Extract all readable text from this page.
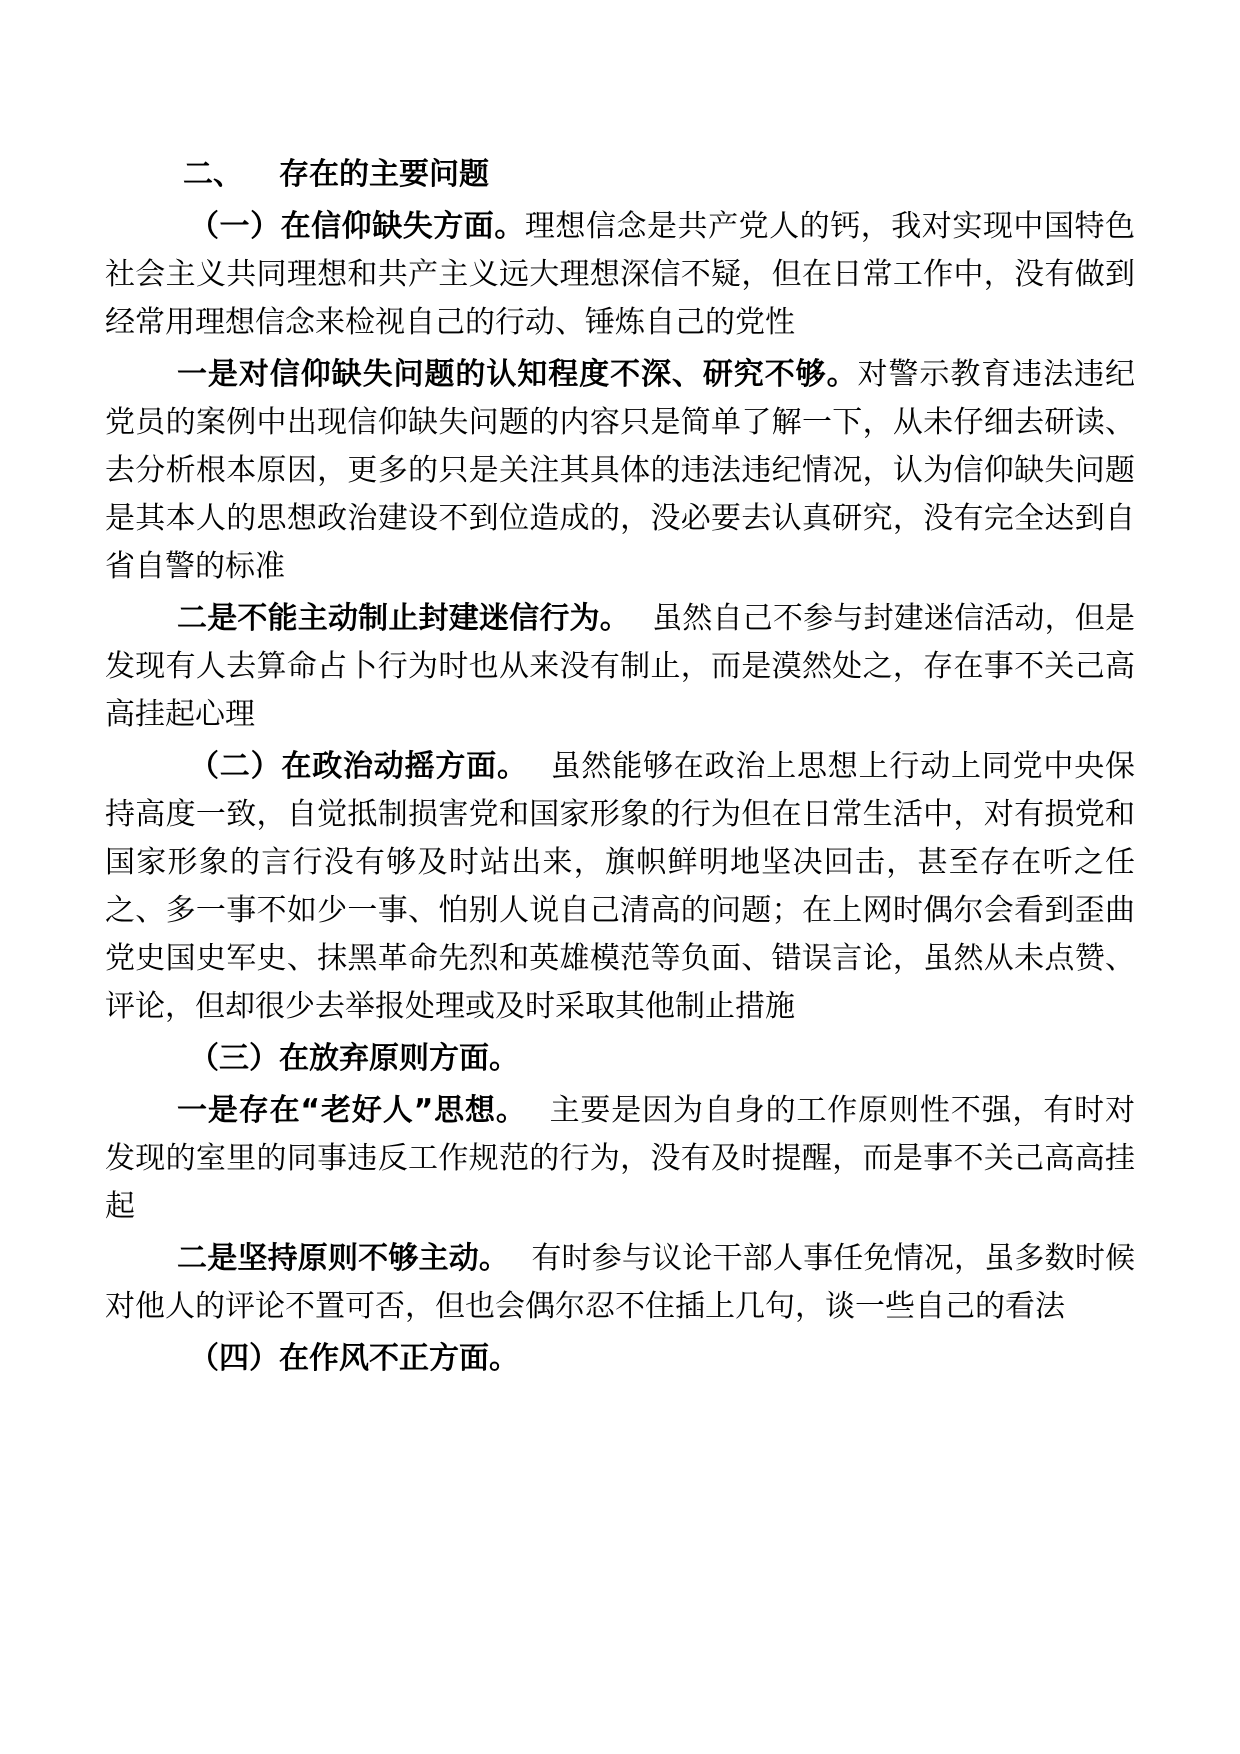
二、 存在的主要问题

（一）在信仰缺失方面。理想信念是共产党人的钙，我对实现中国特色社会主义共同理想和共产主义远大理想深信不疑，但在日常工作中，没有做到经常用理想信念来检视自己的行动、锤炼自己的党性

一是对信仰缺失问题的认知程度不深、研究不够。对警示教育违法违纪党员的案例中出现信仰缺失问题的内容只是简单了解一下，从未仔细去研读、去分析根本原因，更多的只是关注其具体的违法违纪情况，认为信仰缺失问题是其本人的思想政治建设不到位造成的，没必要去认真研究，没有完全达到自省自警的标准

二是不能主动制止封建迷信行为。 虽然自己不参与封建迷信活动，但是发现有人去算命占卜行为时也从来没有制止，而是漠然处之，存在事不关己高高挂起心理

（二）在政治动摇方面。 虽然能够在政治上思想上行动上同党中央保持高度一致，自觉抵制损害党和国家形象的行为但在日常生活中，对有损党和国家形象的言行没有够及时站出来，旗帜鲜明地坚决回击，甚至存在听之任之、多一事不如少一事、怕别人说自己清高的问题；在上网时偶尔会看到歪曲党史国史军史、抹黑革命先烈和英雄模范等负面、错误言论，虽然从未点赞、评论，但却很少去举报处理或及时采取其他制止措施

（三）在放弃原则方面。

一是存在“老好人”思想。 主要是因为自身的工作原则性不强，有时对发现的室里的同事违反工作规范的行为，没有及时提醒，而是事不关己高高挂起

二是坚持原则不够主动。 有时参与议论干部人事任免情况，虽多数时候对他人的评论不置可否，但也会偶尔忍不住插上几句，谈一些自己的看法

（四）在作风不正方面。
